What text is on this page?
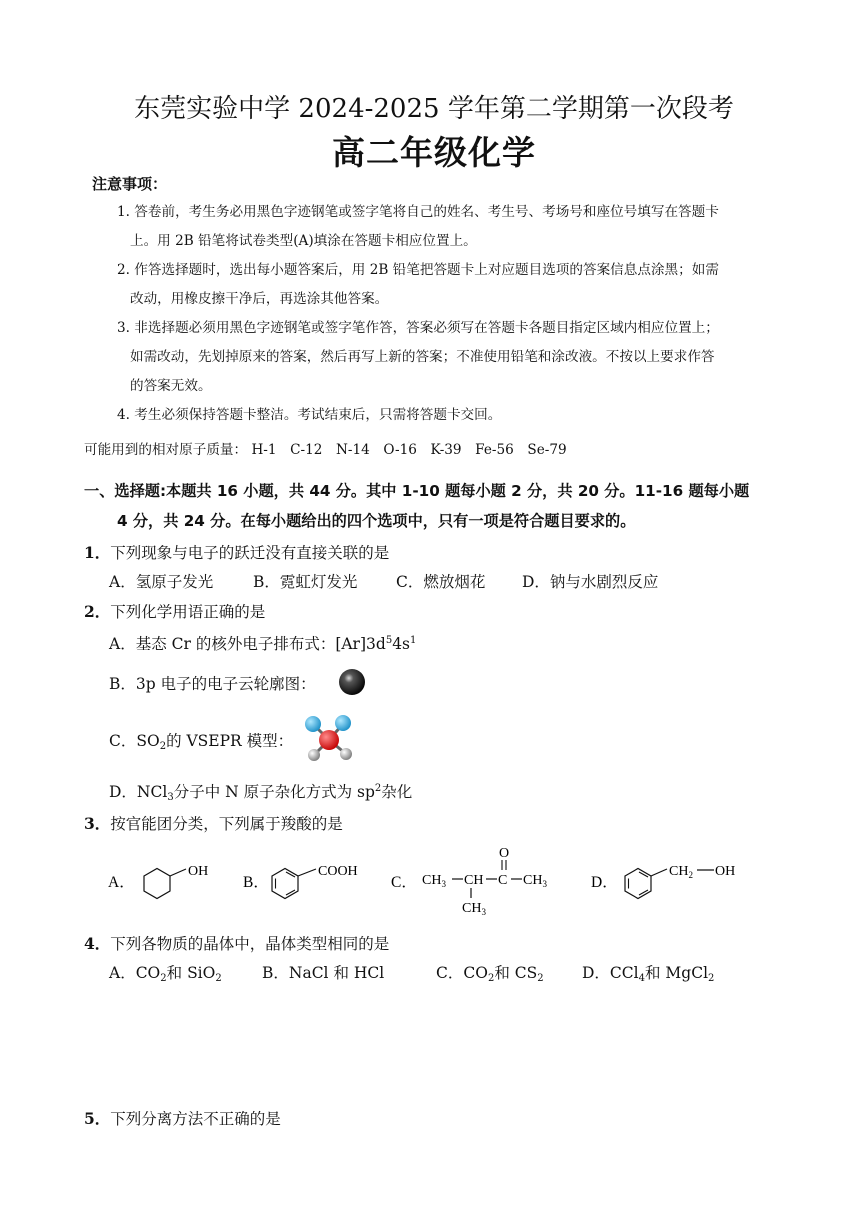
东莞实验中学 2024-2025 学年第二学期第一次段考
高二年级化学
注意事项：
1. 答卷前，考生务必用黑色字迹钢笔或签字笔将自己的姓名、考生号、考场号和座位号填写在答题卡
上。用 2B 铅笔将试卷类型(A)填涂在答题卡相应位置上。
2. 作答选择题时，选出每小题答案后，用 2B 铅笔把答题卡上对应题目选项的答案信息点涂黑；如需
改动，用橡皮擦干净后，再选涂其他答案。
3. 非选择题必须用黑色字迹钢笔或签字笔作答，答案必须写在答题卡各题目指定区域内相应位置上；
如需改动，先划掉原来的答案，然后再写上新的答案；不准使用铅笔和涂改液。不按以上要求作答
的答案无效。
4. 考生必须保持答题卡整洁。考试结束后，只需将答题卡交回。
可能用到的相对原子质量： H-1　C-12　N-14　O-16　K-39　Fe-56　Se-79
一、选择题:本题共 16 小题，共 44 分。其中 1-10 题每小题 2 分，共 20 分。11-16 题每小题
4 分，共 24 分。在每小题给出的四个选项中，只有一项是符合题目要求的。
1．下列现象与电子的跃迁没有直接关联的是
A．氢原子发光	B．霓虹灯发光 C．燃放烟花 D．钠与水剧烈反应
2．下列化学用语正确的是
A．基态 Cr 的核外电子排布式：$[Ar]3d^54s^1$
B．3p 电子的电子云轮廓图：
C．$SO_2$的 VSEPR 模型：
D．NCl$_3$分子中 N 原子杂化方式为 $sp^2$杂化
3．按官能团分类，下列属于羧酸的是
A．
OH
B．
COOH
C． $CH_3$ CH C $CH_3$
O
$CH_3$
D．
$CH_2$ OH
4．下列各物质的晶体中，晶体类型相同的是
A．$CO_2$和 SiO$_2$	B．NaCl 和 HCl	C．$CO_2$和 $CS_2$ D．CCl$_4$和 MgCl$_2$
5．下列分离方法不正确的是
